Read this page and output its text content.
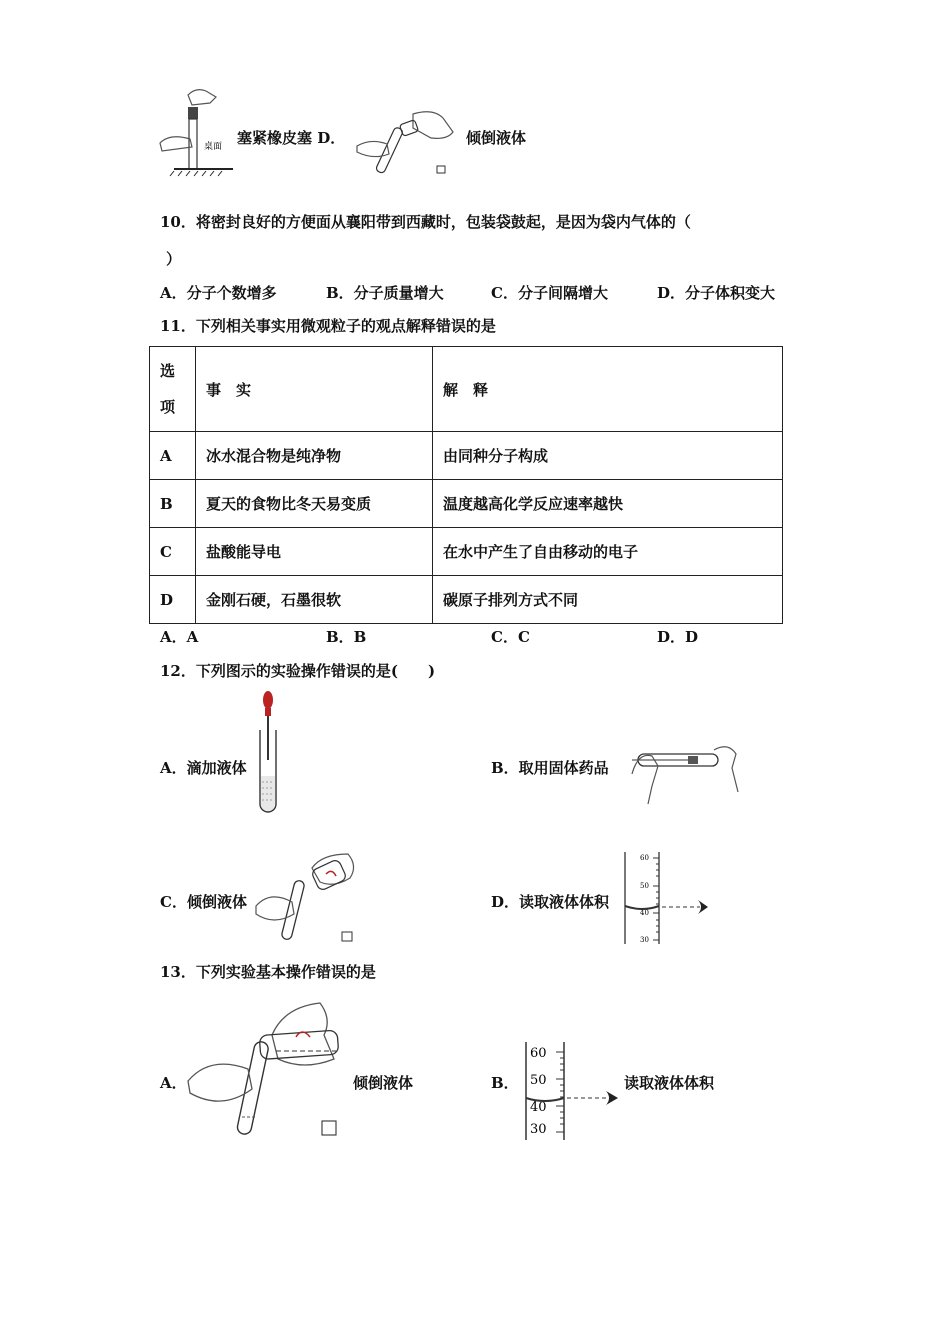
桌面 塞紧橡皮塞 D．	倾倒液体
10．将密封良好的方便面从襄阳带到西藏时，包装袋鼓起，是因为袋内气体的（
）
A．分子个数增多	B．分子质量增大	C．分子间隔增大	D．分子体积变大
11．下列相关事实用微观粒子的观点解释错误的是
选
项	事　实	解　释
A	冰水混合物是纯净物	由同种分子构成
B	夏天的食物比冬天易变质	温度越高化学反应速率越快
C	盐酸能导电	在水中产生了自由移动的电子
D	金刚石硬，石墨很软	碳原子排列方式不同
A．A	B．B	C．C	D．D
12．下列图示的实验操作错误的是(　　)
A．滴加液体	B．取用固体药品
C．倾倒液体	D．读取液体体积
60
50
40
30
13．下列实验基本操作错误的是
A．	倾倒液体	B．
60
50
40
30
读取液体体积
